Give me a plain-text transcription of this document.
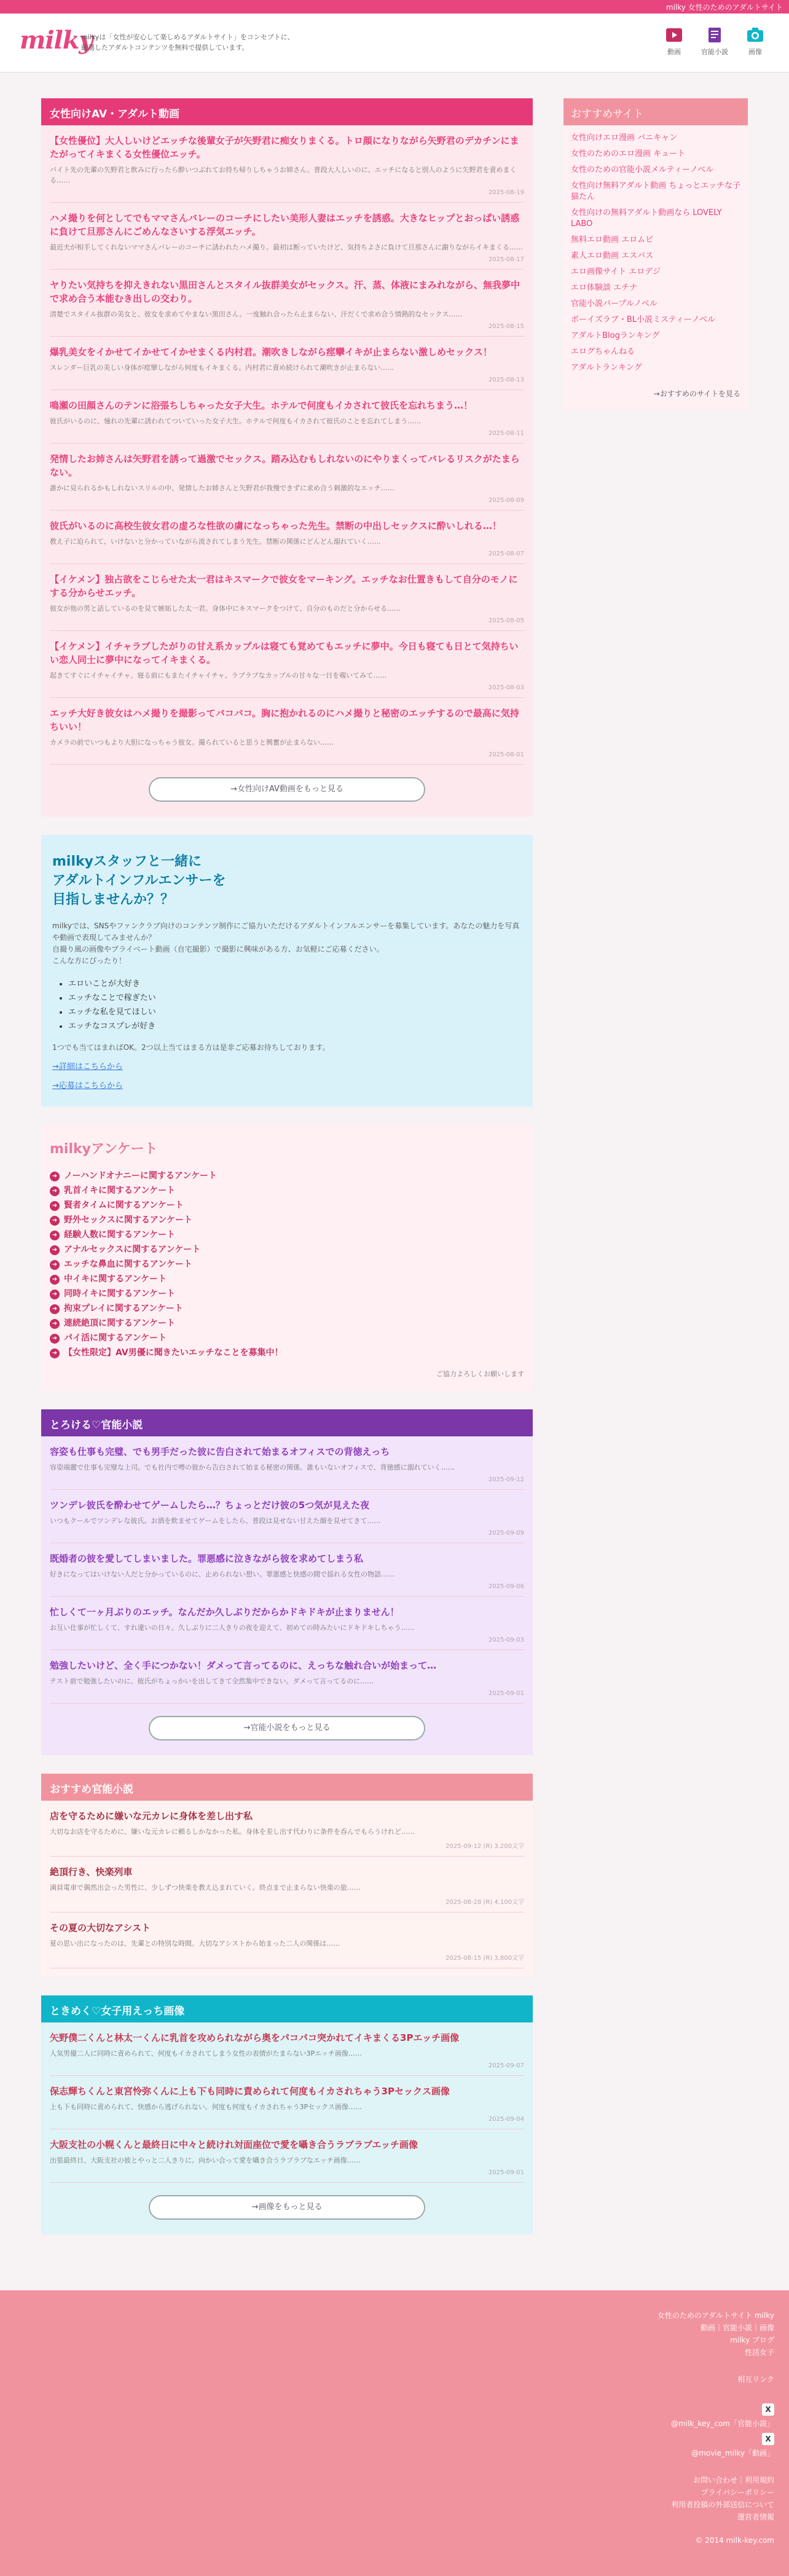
milky 女性のためのアダルトサイト
milky
milkyは「女性が安心して楽しめるアダルトサイト」をコンセプトに、
厳選したアダルトコンテンツを無料で提供しています。
動画	官能小説	画像
女性向けAV・アダルト動画
【女性優位】大人しいけどエッチな後輩女子が矢野君に痴女りまくる。トロ顔になりながら矢野君のデカチンにまたがってイキまくる女性優位エッチ。
バイト先の先輩の矢野君と飲みに行ったら酔いつぶれてお持ち帰りしちゃうお姉さん。普段大人しいのに、エッチになると別人のように矢野君を責めまくる……
2025-08-19
ハメ撮りを何としてでもママさんバレーのコーチにしたい美形人妻はエッチを誘惑。大きなヒップとおっぱい誘惑に負けて旦那さんにごめんなさいする浮気エッチ。
最近夫が相手してくれないママさんバレーのコーチに誘われたハメ撮り。最初は断っていたけど、気持ちよさに負けて旦那さんに謝りながらイキまくる……
2025-08-17
ヤりたい気持ちを抑えきれない黒田さんとスタイル抜群美女がセックス。汗、蒸、体液にまみれながら、無我夢中で求め合う本能むき出しの交わり。
清楚でスタイル抜群の美女と、彼女を求めてやまない黒田さん。一度触れ合ったら止まらない、汗だくで求め合う情熱的なセックス……
2025-08-15
爆乳美女をイかせてイかせてイかせまくる内村君。潮吹きしながら痙攣イキが止まらない激しめセックス！
スレンダー巨乳の美しい身体が痙攣しながら何度もイキまくる。内村君に責め続けられて潮吹きが止まらない……
2025-08-13
鳴瀬の田顔さんのテンに浴張ちしちゃった女子大生。ホテルで何度もイカされて彼氏を忘れちまう…！
彼氏がいるのに、憧れの先輩に誘われてついていった女子大生。ホテルで何度もイカされて彼氏のことを忘れてしまう……
2025-08-11
発情したお姉さんは矢野君を誘って過激でセックス。踏み込むもしれないのにやりまくってバレるリスクがたまらない。
誰かに見られるかもしれないスリルの中、発情したお姉さんと矢野君が我慢できずに求め合う刺激的なエッチ……
2025-08-09
彼氏がいるのに高校生彼女君の虚ろな性欲の虜になっちゃった先生。禁断の中出しセックスに酔いしれる…！
教え子に迫られて、いけないと分かっていながら流されてしまう先生。禁断の関係にどんどん溺れていく……
2025-08-07
【イケメン】独占欲をこじらせた太一君はキスマークで彼女をマーキング。エッチなお仕置きもして自分のモノにする分からせエッチ。
彼女が他の男と話しているのを見て嫉妬した太一君。身体中にキスマークをつけて、自分のものだと分からせる……
2025-08-05
【イケメン】イチャラブしたがりの甘え系カップルは寝ても覚めてもエッチに夢中。今日も寝ても日とて気持ちいい恋人同士に夢中になってイキまくる。
起きてすぐにイチャイチャ、寝る前にもまたイチャイチャ。ラブラブなカップルの甘々な一日を覗いてみて……
2025-08-03
エッチ大好き彼女はハメ撮りを撮影ってバコバコ。胸に抱かれるのにハメ撮りと秘密のエッチするので最高に気持ちいい！
カメラの前でいつもより大胆になっちゃう彼女。撮られていると思うと興奮が止まらない……
2025-08-01
→女性向けAV動画をもっと見る
milkyスタッフと一緒に
アダルトインフルエンサーを
目指しませんか？？

milkyでは、SNSやファンクラブ向けのコンテンツ制作にご協力いただけるアダルトインフルエンサーを募集しています。あなたの魅力を写真や動画で表現してみませんか？
自撮り風の画像やプライベート動画（自宅撮影）で撮影に興味がある方、お気軽にご応募ください。
こんな方にぴったり！

• エロいことが大好き
• エッチなことで稼ぎたい
• エッチな私を見てほしい
• エッチなコスプレが好き

1つでも当てはまればOK。2つ以上当てはまる方は是非ご応募お待ちしております。

→詳細はこちらから
→応募はこちらから
milkyアンケート
➜ ノーハンドオナニーに関するアンケート
➜ 乳首イキに関するアンケート
➜ 賢者タイムに関するアンケート
➜ 野外セックスに関するアンケート
➜ 経験人数に関するアンケート
➜ アナルセックスに関するアンケート
➜ エッチな鼻血に関するアンケート
➜ 中イキに関するアンケート
➜ 同時イキに関するアンケート
➜ 拘束プレイに関するアンケート
➜ 連続絶頂に関するアンケート
➜ パイ活に関するアンケート
➜ 【女性限定】AV男優に聞きたいエッチなことを募集中！
ご協力よろしくお願いします
とろける♡官能小説
容姿も仕事も完璧、でも男手だった彼に告白されて始まるオフィスでの背徳えっち
容姿端麗で仕事も完璧な上司。でも社内で噂の彼から告白されて始まる秘密の関係。誰もいないオフィスで、背徳感に溺れていく……
2025-09-12
ツンデレ彼氏を酔わせてゲームしたら…？ちょっとだけ彼の5つ気が見えた夜
いつもクールでツンデレな彼氏。お酒を飲ませてゲームをしたら、普段は見せない甘えた顔を見せてきて……
2025-09-09
既婚者の彼を愛してしまいました。罪悪感に泣きながら彼を求めてしまう私
好きになってはいけない人だと分かっているのに、止められない想い。罪悪感と快感の間で揺れる女性の物語……
2025-09-06
忙しくて一ヶ月ぶりのエッチ。なんだか久しぶりだからかドキドキが止まりません！
お互い仕事が忙しくて、すれ違いの日々。久しぶりに二人きりの夜を迎えて、初めての時みたいにドキドキしちゃう……
2025-09-03
勉強したいけど、全く手につかない！ダメって言ってるのに、えっちな触れ合いが始まって…
テスト前で勉強したいのに、彼氏がちょっかいを出してきて全然集中できない。ダメって言ってるのに……
2025-09-01
→官能小説をもっと見る
おすすめ官能小説
店を守るために嫌いな元カレに身体を差し出す私
大切なお店を守るために、嫌いな元カレに頼るしかなかった私。身体を差し出す代わりに条件を呑んでもらうけれど……
2025-09-12 (R) 3,200文字
絶頂行き、快楽列車
満員電車で偶然出会った男性に、少しずつ快楽を教え込まれていく。終点まで止まらない快楽の旅……
2025-08-28 (R) 4,100文字
その夏の大切なアシスト
夏の思い出になったのは、先輩との特別な時間。大切なアシストから始まった二人の関係は……
2025-08-15 (R) 3,800文字
ときめく♡女子用えっち画像
矢野僕二くんと林太一くんに乳首を攻められながら奥をパコパコ突かれてイキまくる3Pエッチ画像
人気男優二人に同時に責められて、何度もイカされてしまう女性の表情がたまらない3Pエッチ画像……
2025-09-07
保志輝ちくんと東宮怜弥くんに上も下も同時に責められて何度もイカされちゃう3Pセックス画像
上も下も同時に責められて、快感から逃げられない。何度も何度もイカされちゃう3Pセックス画像……
2025-09-04
大阪支社の小幌くんと最終日に中々と続けれ対面座位で愛を囁き合うラブラブエッチ画像
出張最終日、大阪支社の彼とやっと二人きりに。向かい合って愛を囁き合うラブラブなエッチ画像……
2025-09-01
→画像をもっと見る
おすすめサイト
女性向けエロ漫画 バニキャン
女性のためのエロ漫画 キュート
女性のための官能小説メルティーノベル
女性向け無料アダルト動画 ちょっとエッチな子猫たん
女性向けの無料アダルト動画なら LOVELY LABO
無料エロ動画 エロムビ
素人エロ動画 エスパス
エロ画像サイト エロデジ
エロ体験談 エチナ
官能小説パープルノベル
ボーイズラブ・BL小説ミスティーノベル
アダルトBlogランキング
エログちゃんねる
アダルトランキング
→おすすめのサイトを見る
女性のためのアダルトサイト milky
動画｜官能小説｜画像
milky ブログ
性活女子
相互リンク
X
@milk_key_com「官能小説」
X
@movie_milky「動画」
お問い合わせ｜利用規約
プライバシーポリシー
利用者投稿の外部送信について
運営者情報
© 2014 milk-key.com
